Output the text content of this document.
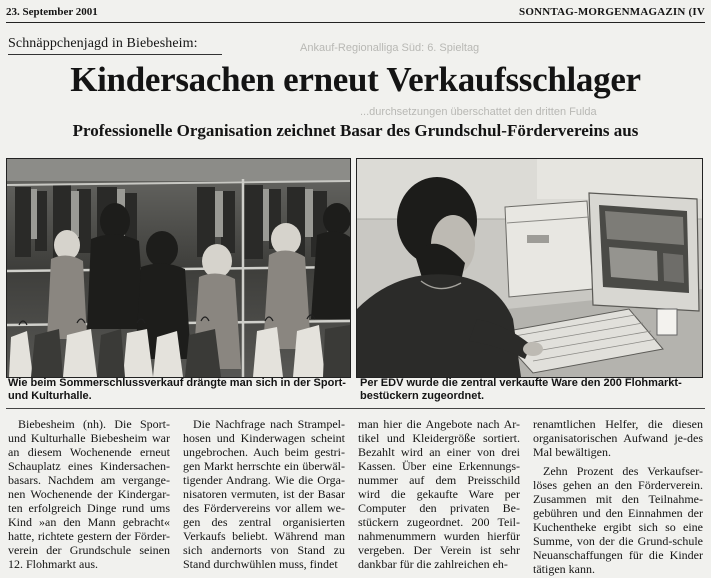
23. September 2001	SONNTAG-MORGENMAGAZIN (IV
Ankauf-Regionalliga Süd: 6. Spieltag
...durchsetzungen überschattet den dritten Fulda
Schnäppchenjagd in Biebesheim:
Kindersachen erneut Verkaufsschlager
Professionelle Organisation zeichnet Basar des Grundschul-Fördervereins aus
Wie beim Sommerschlussverkauf drängte man sich in der Sport- und Kulturhalle.
Per EDV wurde die zentral verkaufte Ware den 200 Flohmarkt-bestückern zugeordnet.

Biebesheim (nh). Die Sport- und Kulturhalle Biebesheim war an diesem Wochenende erneut Schauplatz eines Kindersachen-basars. Nachdem am vergange-nen Wochenende der Kindergar-ten erfolgreich Dinge rund ums Kind »an den Mann gebracht« hatte, richtete gestern der Förder-verein der Grundschule seinen 12. Flohmarkt aus.

Die Nachfrage nach Strampel-hosen und Kinderwagen scheint ungebrochen. Auch beim gestri-gen Markt herrschte ein überwäl-tigender Andrang. Wie die Orga-nisatoren vermuten, ist der Basar des Fördervereins vor allem we-gen des zentral organisierten Verkaufs beliebt. Während man sich andernorts von Stand zu Stand durchwühlen muss, findet

man hier die Angebote nach Ar-tikel und Kleidergröße sortiert. Bezahlt wird an einer von drei Kassen. Über eine Erkennungs-nummer auf dem Preisschild wird die gekaufte Ware per Computer den privaten Be-stückern zugeordnet. 200 Teil-nahmenummern wurden hierfür vergeben. Der Verein ist sehr dankbar für die zahlreichen eh-

renamtlichen Helfer, die diesen organisatorischen Aufwand je-des Mal bewältigen.

Zehn Prozent des Verkaufser-löses gehen an den Förderverein. Zusammen mit den Teilnahme-gebühren und den Einnahmen der Kuchentheke ergibt sich so eine Summe, von der die Grund-schule Neuanschaffungen für die Kinder tätigen kann.
